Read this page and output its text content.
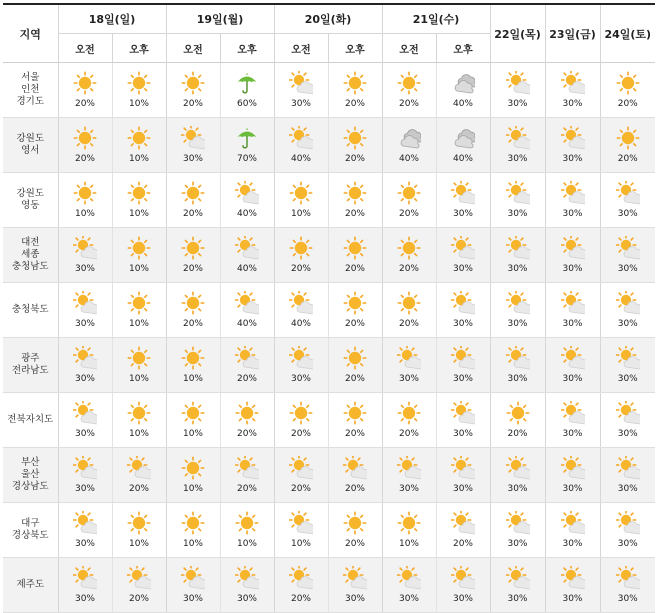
지역	18일(일)		19일(월)		20일(화)		21일(수)		22일(목)	23일(금)	24일(토)
	오전	오후	오전	오후	오전	오후	오전	오후			
서울
인천
경기도	20%	10%	20%	60%	30%	20%	20%	40%	30%	30%	20%

강원도
영서	20%	10%	30%	70%	40%	20%	40%	40%	30%	30%	20%

강원도
영동	10%	10%	20%	40%	10%	20%	20%	30%	30%	30%	30%

대전
세종
충청남도	30%	10%	20%	40%	20%	20%	20%	30%	30%	30%	30%

충청북도	30%	10%	20%	40%	40%	20%	20%	30%	30%	30%	30%

광주
전라남도	30%	10%	10%	20%	30%	20%	30%	30%	30%	30%	30%

전북자치도	30%	10%	10%	20%	20%	20%	20%	30%	20%	30%	30%

부산
울산
경상남도	30%	20%	10%	20%	20%	20%	30%	30%	30%	30%	30%

대구
경상북도	30%	10%	10%	10%	10%	20%	10%	20%	30%	30%	30%

제주도	30%	20%	30%	30%	20%	30%	30%	30%	30%	30%	30%
